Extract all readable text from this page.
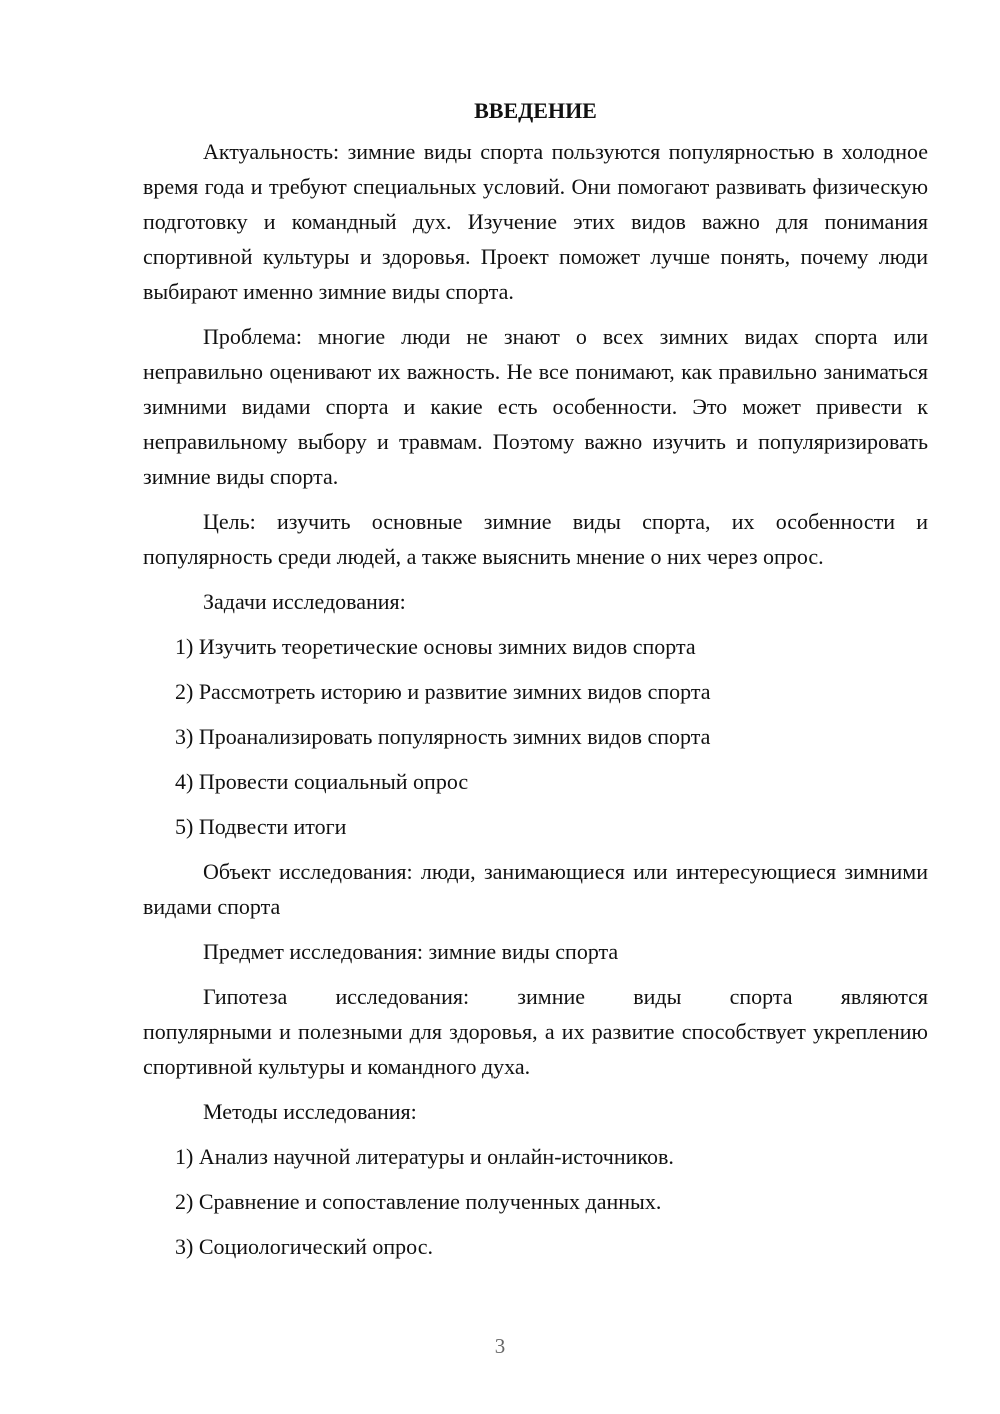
ВВЕДЕНИЕ

Актуальность: зимние виды спорта пользуются популярностью в холодное время года и требуют специальных условий. Они помогают развивать физическую подготовку и командный дух. Изучение этих видов важно для понимания спортивной культуры и здоровья. Проект поможет лучше понять, почему люди выбирают именно зимние виды спорта.

Проблема: многие люди не знают о всех зимних видах спорта или неправильно оценивают их важность. Не все понимают, как правильно заниматься зимними видами спорта и какие есть особенности. Это может привести к неправильному выбору и травмам. Поэтому важно изучить и популяризировать зимние виды спорта.

Цель: изучить основные зимние виды спорта, их особенности и популярность среди людей, а также выяснить мнение о них через опрос.

Задачи исследования:
1) Изучить теоретические основы зимних видов спорта
2) Рассмотреть историю и развитие зимних видов спорта
3) Проанализировать популярность зимних видов спорта
4) Провести социальный опрос
5) Подвести итоги

Объект исследования: люди, занимающиеся или интересующиеся зимними видами спорта

Предмет исследования: зимние виды спорта
Гипотеза исследования: зимние виды спорта являются
популярными и полезными для здоровья, а их развитие способствует укреплению спортивной культуры и командного духа.
Методы исследования:
1) Анализ научной литературы и онлайн-источников.
2) Сравнение и сопоставление полученных данных.
3) Социологический опрос.
3
